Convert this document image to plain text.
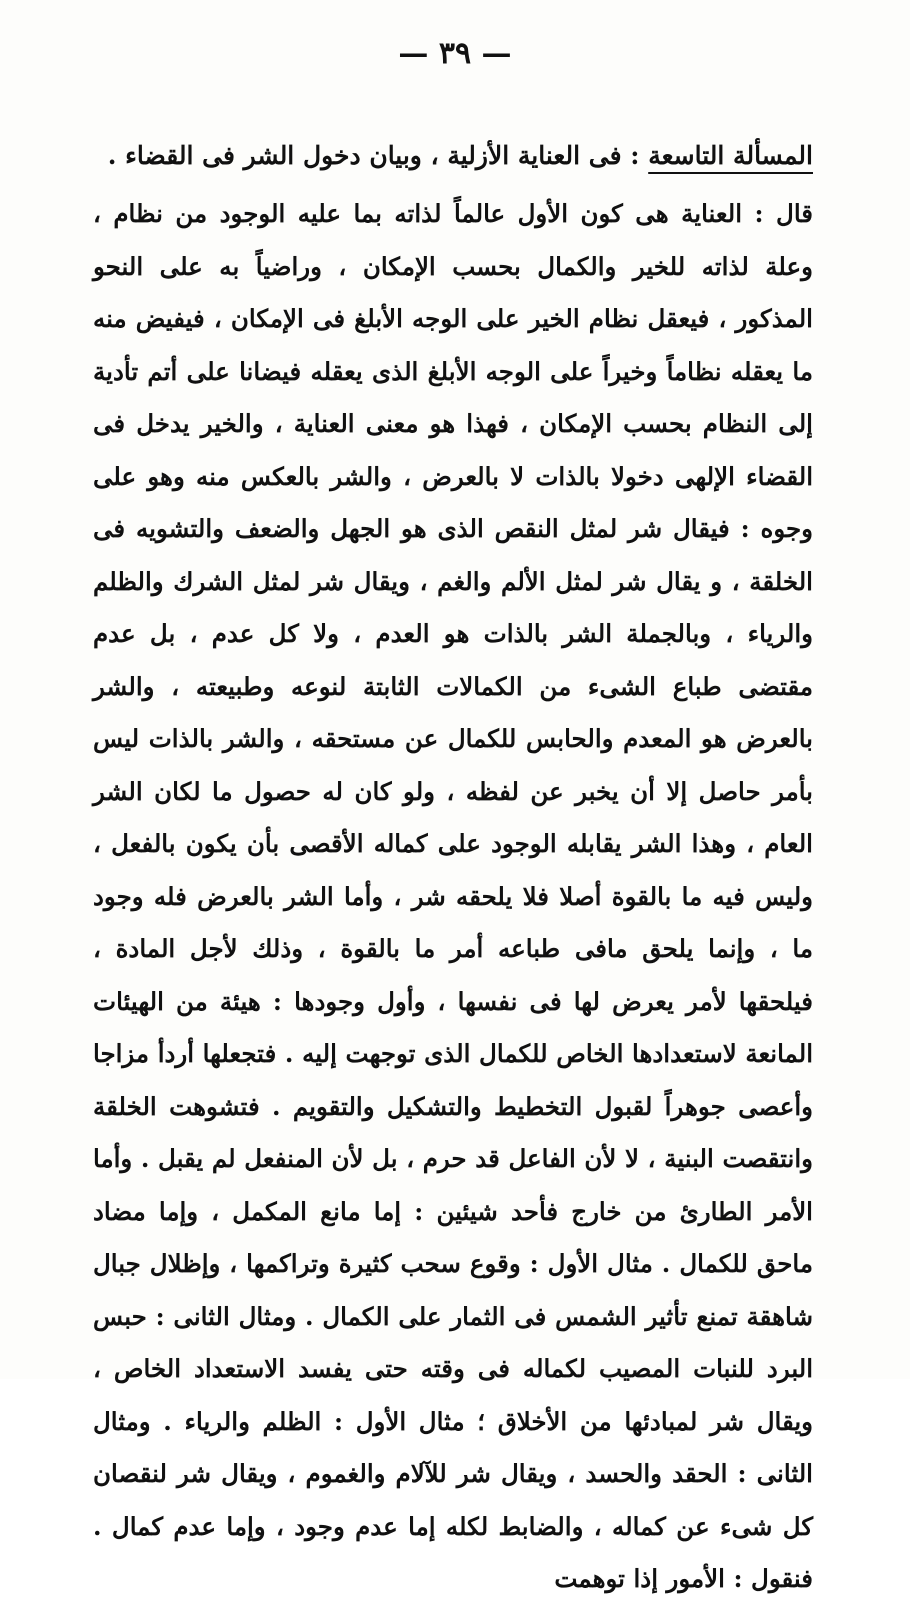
— ٣٩ —
المسألة التاسعة : فى العناية الأزلية ، وبيان دخول الشر فى القضاء .
قال : العناية هى كون الأول عالماً لذاته بما عليه الوجود من نظام ، وعلة لذاته للخير والكمال بحسب الإمكان ، وراضياً به على النحو المذكور ، فيعقل نظام الخير على الوجه الأبلغ فى الإمكان ، فيفيض منه ما يعقله نظاماً وخيراً على الوجه الأبلغ الذى يعقله فيضانا على أتم تأدية إلى النظام بحسب الإمكان ، فهذا هو معنى العناية ، والخير يدخل فى القضاء الإلهى دخولا بالذات لا بالعرض ، والشر بالعكس منه وهو على وجوه : فيقال شر لمثل النقص الذى هو الجهل والضعف والتشويه فى الخلقة ، و يقال شر لمثل الألم والغم ، ويقال شر لمثل الشرك والظلم والرياء ، وبالجملة الشر بالذات هو العدم ، ولا كل عدم ، بل عدم مقتضى طباع الشىء من الكمالات الثابتة لنوعه وطبيعته ، والشر بالعرض هو المعدم والحابس للكمال عن مستحقه ، والشر بالذات ليس بأمر حاصل إلا أن يخبر عن لفظه ، ولو كان له حصول ما لكان الشر العام ، وهذا الشر يقابله الوجود على كماله الأقصى بأن يكون بالفعل ، وليس فيه ما بالقوة أصلا فلا يلحقه شر ، وأما الشر بالعرض فله وجود ما ، وإنما يلحق مافى طباعه أمر ما بالقوة ، وذلك لأجل المادة ، فيلحقها لأمر يعرض لها فى نفسها ، وأول وجودها : هيئة من الهيئات المانعة لاستعدادها الخاص للكمال الذى توجهت إليه . فتجعلها أردأ مزاجا وأعصى جوهراً لقبول التخطيط والتشكيل والتقويم . فتشوهت الخلقة وانتقصت البنية ، لا لأن الفاعل قد حرم ، بل لأن المنفعل لم يقبل . وأما الأمر الطارئ من خارج فأحد شيئين : إما مانع المكمل ، وإما مضاد ماحق للكمال . مثال الأول : وقوع سحب كثيرة وتراكمها ، وإظلال جبال شاهقة تمنع تأثير الشمس فى الثمار على الكمال . ومثال الثانى : حبس البرد للنبات المصيب لكماله فى وقته حتى يفسد الاستعداد الخاص ، ويقال شر لمبادئها من الأخلاق ؛ مثال الأول : الظلم والرياء . ومثال الثانى : الحقد والحسد ، ويقال شر للآلام والغموم ، ويقال شر لنقصان كل شىء عن كماله ، والضابط لكله إما عدم وجود ، وإما عدم كمال . فنقول : الأمور إذا توهمت
